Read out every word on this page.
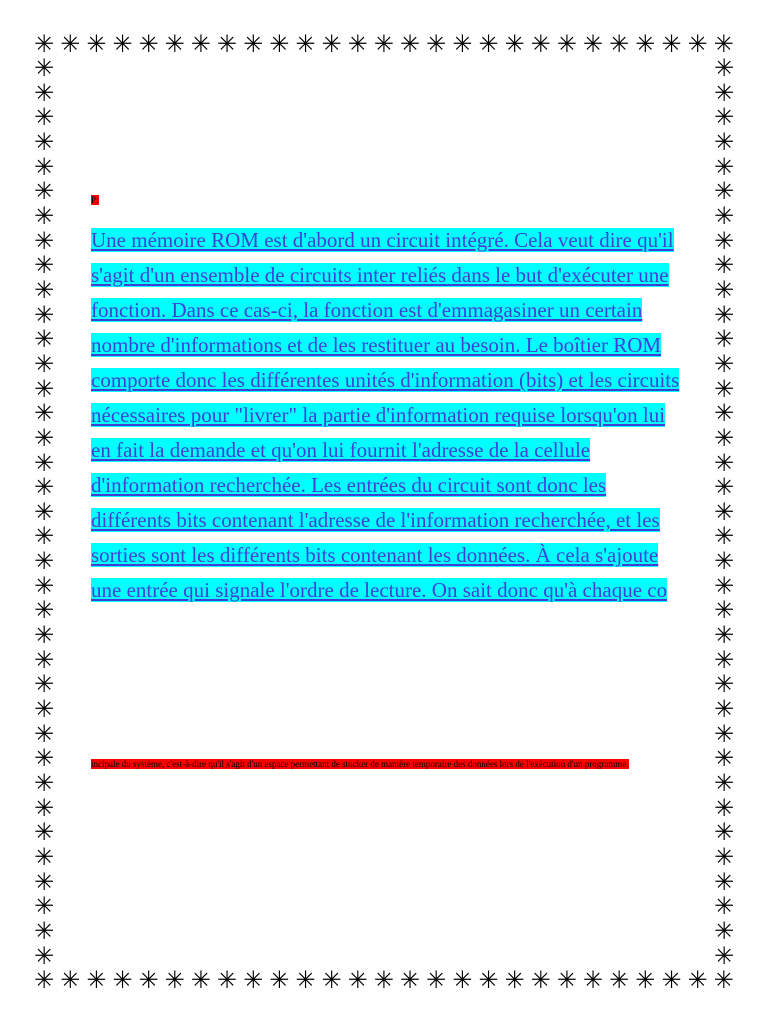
✳ ✳ ✳ ✳ ✳ ✳ ✳ ✳ ✳ ✳ ✳ ✳ ✳ ✳ ✳ ✳ ✳ ✳ ✳ ✳ ✳ ✳ ✳ ✳ ✳ ✳ ✳
✳ ✳ ✳ ✳ ✳ ✳ ✳ ✳ ✳ ✳ ✳ ✳ ✳ ✳ ✳ ✳ ✳ ✳ ✳ ✳ ✳ ✳ ✳ ✳ ✳ ✳ ✳
✳
✳
✳
✳
✳
✳
✳
✳
✳
✳
✳
✳
✳
✳
✳
✳
✳
✳
✳
✳
✳
✳
✳
✳
✳
✳
✳
✳
✳
✳
✳
✳
✳
✳
✳
✳
✳
✳
✳
✳
✳
✳
✳
✳
✳
✳
✳
✳
✳
✳
✳
✳
✳
✳
✳
✳
✳
✳
✳
✳
✳
✳
✳
✳
✳
✳
✳
✳
✳
✳
✳
✳
✳
✳
P:
Une mémoire ROM est d'abord un circuit intégré. Cela veut dire qu'il s'agit d'un ensemble de circuits inter reliés dans le but d'exécuter une fonction. Dans ce cas-ci, la fonction est d'emmagasiner un certain nombre d'informations et de les restituer au besoin. Le boîtier ROM comporte donc les différentes unités d'information (bits) et les circuits nécessaires pour "livrer" la partie d'information requise lorsqu'on lui en fait la demande et qu'on lui fournit l'adresse de la cellule d'information recherchée. Les entrées du circuit sont donc les différents bits contenant l'adresse de l'information recherchée, et les sorties sont les différents bits contenant les données. À cela s'ajoute une entrée qui signale l'ordre de lecture. On sait donc qu'à chaque co
incipale du système, c'est-à-dire qu'il s'agit d'un espace permettant de stocker de manière temporaire des données lors de l'exécution d'un programme.
